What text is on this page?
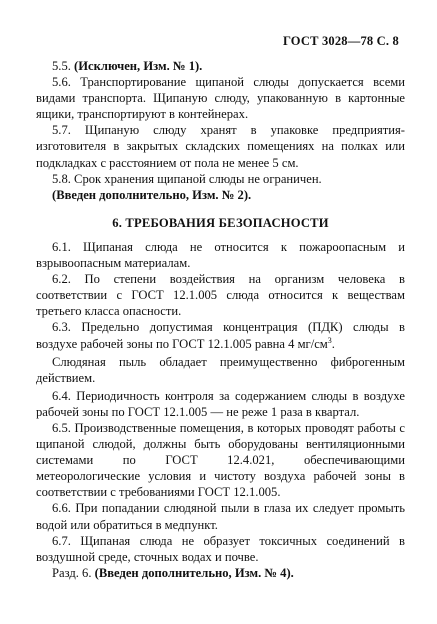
ГОСТ 3028—78 С. 8

5.5. (Исключен, Изм. № 1).

5.6. Транспортирование щипаной слюды допускается всеми видами транспорта. Щипаную слюду, упакованную в картонные ящики, транспортируют в контейнерах.

5.7. Щипаную слюду хранят в упаковке предприятия-изготовителя в закрытых складских помещениях на полках или подкладках с расстоянием от пола не менее 5 см.

5.8. Срок хранения щипаной слюды не ограничен.

(Введен дополнительно, Изм. № 2).

6. ТРЕБОВАНИЯ БЕЗОПАСНОСТИ

6.1. Щипаная слюда не относится к пожароопасным и взрывоопасным материалам.

6.2. По степени воздействия на организм человека в соответствии с ГОСТ 12.1.005 слюда относится к веществам третьего класса опасности.

6.3. Предельно допустимая концентрация (ПДК) слюды в воздухе рабочей зоны по ГОСТ 12.1.005 равна 4 $мг/см^3$.

Слюдяная пыль обладает преимущественно фиброгенным действием.

6.4. Периодичность контроля за содержанием слюды в воздухе рабочей зоны по ГОСТ 12.1.005 — не реже 1 раза в квартал.

6.5. Производственные помещения, в которых проводят работы с щипаной слюдой, должны быть оборудованы вентиляционными системами по ГОСТ 12.4.021, обеспечивающими метеорологические условия и чистоту воздуха рабочей зоны в соответствии с требованиями ГОСТ 12.1.005.

6.6. При попадании слюдяной пыли в глаза их следует промыть водой или обратиться в медпункт.

6.7. Щипаная слюда не образует токсичных соединений в воздушной среде, сточных водах и почве.

Разд. 6. (Введен дополнительно, Изм. № 4).
